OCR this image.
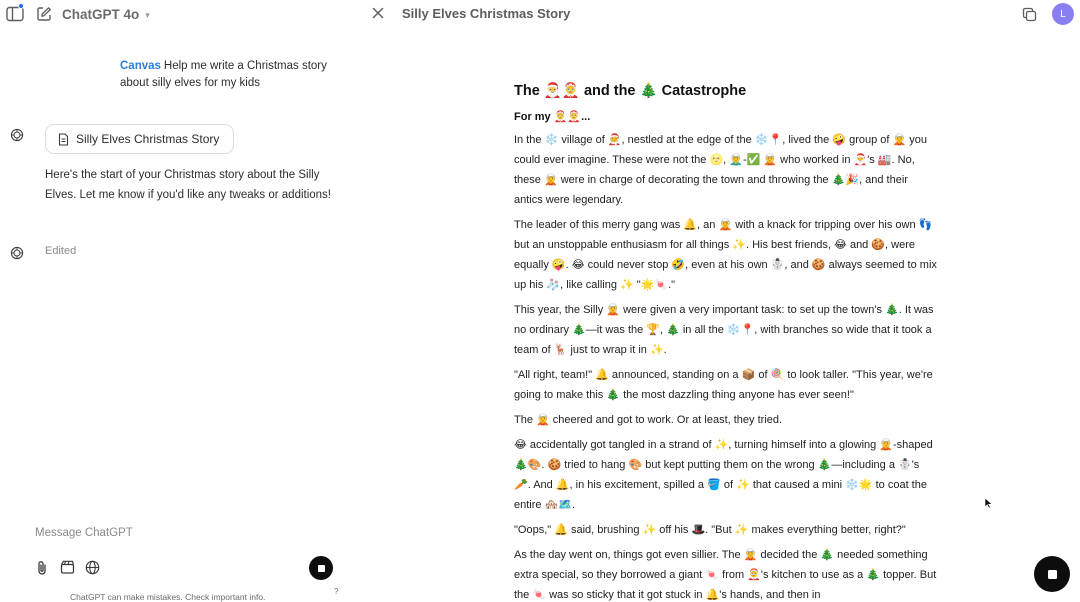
ChatGPT 4o ▾
Canvas Help me write a Christmas story about silly elves for my kids
Silly Elves Christmas Story
Here's the start of your Christmas story about the Silly Elves. Let me know if you'd like any tweaks or additions!
Edited
Message ChatGPT
ChatGPT can make mistakes. Check important info.
?
Silly Elves Christmas Story	L
The 🎅🤶 and the 🎄 Catastrophe
For my 🤶🤶...

In the ❄️ village of 🧑‍🎄, nestled at the edge of the ❄️📍, lived the 🤪 group of 🧝 you could ever imagine. These were not the 🌝, 🧝‍♂️-✅ 🧝 who worked in 🎅's 🏭. No, these 🧝 were in charge of decorating the town and throwing the 🎄🎉, and their antics were legendary.

The leader of this merry gang was 🔔, an 🧝 with a knack for tripping over his own 👣 but an unstoppable enthusiasm for all things ✨. His best friends, 😂 and 🍪, were equally 🤪. 😂 could never stop 🤣, even at his own ☃️, and 🍪 always seemed to mix up his 🧦, like calling ✨ "🌟🍬."

This year, the Silly 🧝 were given a very important task: to set up the town's 🎄. It was no ordinary 🎄—it was the 🏆, 🎄 in all the ❄️📍, with branches so wide that it took a team of 🦌 just to wrap it in ✨.

"All right, team!" 🔔 announced, standing on a 📦 of 🍭 to look taller. "This year, we're going to make this 🎄 the most dazzling thing anyone has ever seen!"

The 🧝 cheered and got to work. Or at least, they tried.

😂 accidentally got tangled in a strand of ✨, turning himself into a glowing 🧝-shaped 🎄🎨. 🍪 tried to hang 🎨 but kept putting them on the wrong 🎄—including a ☃️'s 🥕. And 🔔, in his excitement, spilled a 🪣 of ✨ that caused a mini ❄️🌟 to coat the entire 🏘️🗺️.

"Oops," 🔔 said, brushing ✨ off his 🎩. "But ✨ makes everything better, right?"

As the day went on, things got even sillier. The 🧝 decided the 🎄 needed something extra special, so they borrowed a giant 🍬 from 🤶's kitchen to use as a 🎄 topper. But the 🍬 was so sticky that it got stuck in 🔔's hands, and then in
